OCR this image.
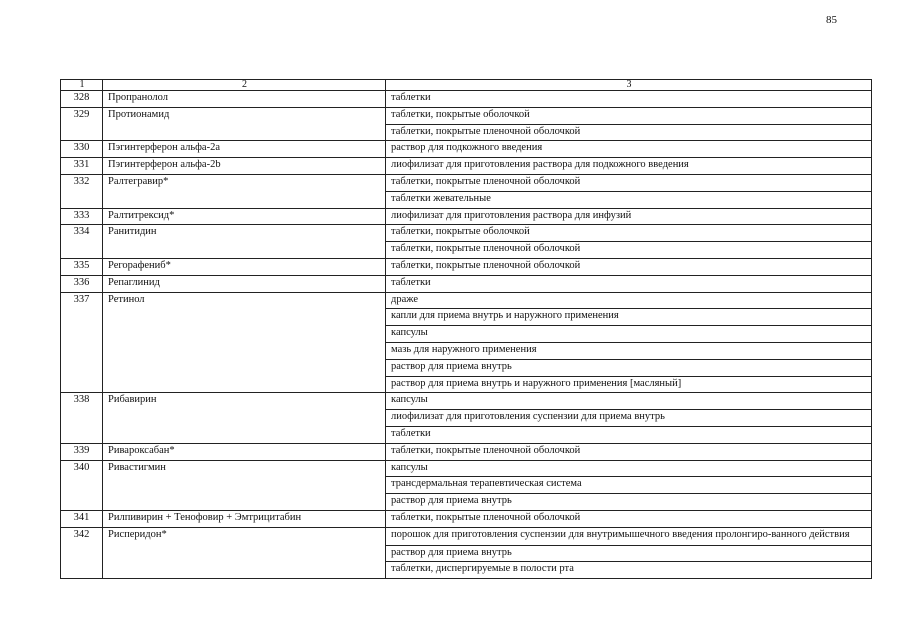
85
1	2	3
328	Пропранолол	таблетки
329	Протионамид	таблетки, покрытые оболочкой
		таблетки, покрытые пленочной оболочкой
330	Пэгинтерферон альфа-2а	раствор для подкожного введения
331	Пэгинтерферон альфа-2b	лиофилизат для приготовления раствора для подкожного введения
332	Ралтегравир*	таблетки, покрытые пленочной оболочкой
		таблетки жевательные
333	Ралтитрексид*	лиофилизат для приготовления раствора для инфузий
334	Ранитидин	таблетки, покрытые оболочкой
		таблетки, покрытые пленочной оболочкой
335	Регорафениб*	таблетки, покрытые пленочной оболочкой
336	Репаглинид	таблетки
337	Ретинол	драже
		капли для приема внутрь и наружного применения
		капсулы
		мазь для наружного применения
		раствор для приема внутрь
		раствор для приема внутрь и наружного применения [масляный]
338	Рибавирин	капсулы
		лиофилизат для приготовления суспензии для приема внутрь
		таблетки
339	Ривароксабан*	таблетки, покрытые пленочной оболочкой
340	Ривастигмин	капсулы
		трансдермальная терапевтическая система
		раствор для приема внутрь
341	Рилпивирин + Тенофовир + Эмтрицитабин	таблетки, покрытые пленочной оболочкой
342	Рисперидон*	порошок для приготовления суспензии для внутримышечного введения пролонгиро-ванного действия
		раствор для приема внутрь
		таблетки, диспергируемые в полости рта
